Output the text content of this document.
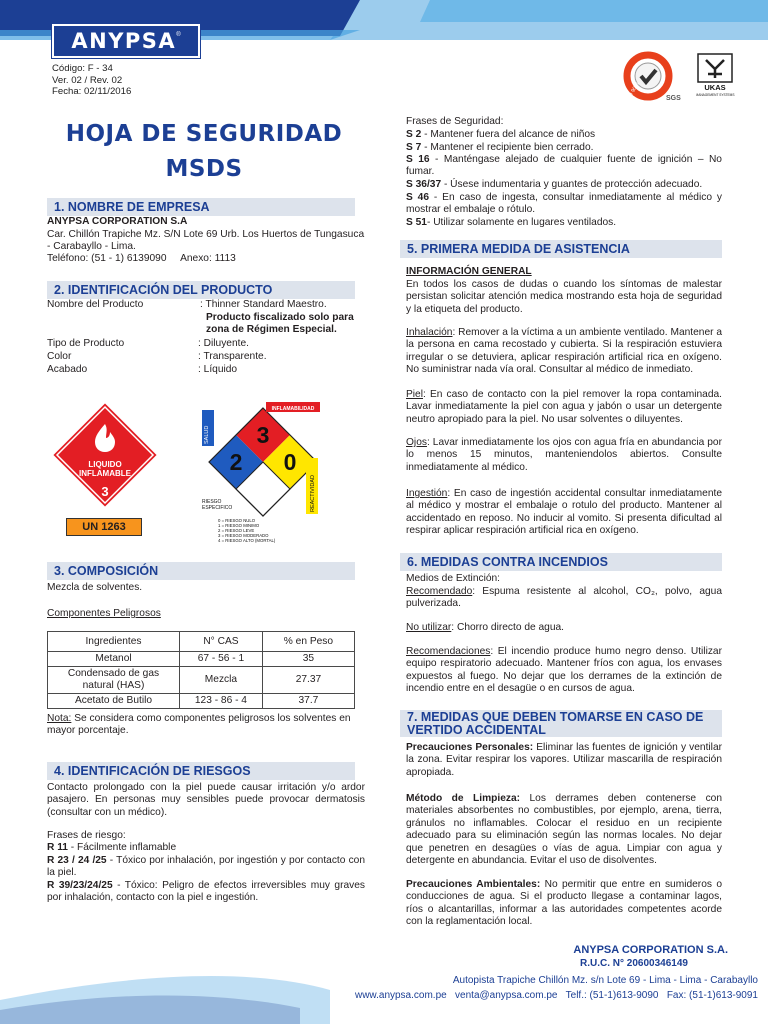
ANYPSA®
Código: F - 34
Ver. 02 / Rev. 02
Fecha: 02/11/2016
SGS
ISO 9001	UKAS
MANAGEMENT SYSTEMS
HOJA DE SEGURIDAD
MSDS
1. NOMBRE DE EMPRESA
ANYPSA CORPORATION S.A
Car. Chillón Trapiche Mz. S/N Lote 69 Urb. Los Huertos de Tungasuca
- Carabayllo - Lima.
Teléfono: (51 - 1) 6139090     Anexo: 1113
2. IDENTIFICACIÓN DEL PRODUCTO
Nombre del Producto	: Thinner Standard Maestro.
Producto fiscalizado solo para
zona de Régimen Especial.
Tipo de Producto	: Diluyente.
Color	: Transparente.
Acabado	: Líquido
LIQUIDO
INFLAMABLE
3
UN 1263
3
2 0
SALUD
INFLAMABILIDAD
REACTIVIDAD
RIESGO
ESPECIFICO
0 = RIESGO NULO
1 = RIESGO MINIMO
2 = RIESGO LEVE
3 = RIESGO MODERADO
4 = RIESGO ALTO (MORTAL)
3. COMPOSICIÓN
Mezcla de solventes.
Componentes Peligrosos
Ingredientes	N° CAS	% en Peso
Metanol	67 - 56 - 1	35
Condensado de gas natural (HAS)	Mezcla	27.37
Acetato de Butilo	123 - 86 - 4	37.7
Nota: Se considera como componentes peligrosos los solventes en mayor porcentaje.
4. IDENTIFICACIÓN DE RIESGOS
Contacto prolongado con la piel puede causar irritación y/o ardor pasajero. En personas muy sensibles puede provocar dermatosis (consultar con un médico).
Frases de riesgo:
R 11 - Fácilmente inflamable
R 23 / 24 /25 - Tóxico por inhalación, por ingestión y por contacto con la piel.
R 39/23/24/25 - Tóxico: Peligro de efectos irreversibles muy graves por inhalación, contacto con la piel e ingestión.
Frases de Seguridad:
S 2 - Mantener fuera del alcance de niños
S 7 - Mantener el recipiente bien cerrado.
S 16 - Manténgase alejado de cualquier fuente de ignición – No fumar.
S 36/37 - Úsese indumentaria y guantes de protección adecuado.
S 46 - En caso de ingesta, consultar inmediatamente al médico y mostrar el embalaje o rótulo.
S 51- Utilizar solamente en lugares ventilados.
5. PRIMERA MEDIDA DE ASISTENCIA
INFORMACIÓN GENERAL
En todos los casos de dudas o cuando los síntomas de malestar persistan solicitar atención medica mostrando esta hoja de seguridad y la etiqueta del producto.
Inhalación: Remover a la víctima a un ambiente ventilado. Mantener a la persona en cama recostado y cubierta. Si la respiración estuviera irregular o se detuviera, aplicar respiración artificial rica en oxígeno. No suministrar nada vía oral. Consultar al médico de inmediato.
Piel: En caso de contacto con la piel remover la ropa contaminada. Lavar inmediatamente la piel con agua y jabón o usar un detergente neutro apropiado para la piel. No usar solventes o diluyentes.
Ojos: Lavar inmediatamente los ojos con agua fría en abundancia por lo menos 15 minutos, manteniendolos abiertos. Consulte inmediatamente al médico.
Ingestión: En caso de ingestión accidental consultar inmediatamente al médico y mostrar el embalaje o rotulo del producto. Mantener al accidentado en reposo. No inducir al vomito. Si presenta dificultad al respirar aplicar respiración artificial rica en oxígeno.
6. MEDIDAS CONTRA INCENDIOS
Medios de Extinción:
Recomendado: Espuma resistente al alcohol, CO₂, polvo, agua pulverizada.
No utilizar: Chorro directo de agua.
Recomendaciones: El incendio produce humo negro denso. Utilizar equipo respiratorio adecuado. Mantener fríos con agua, los envases expuestos al fuego. No dejar que los derrames de la extinción de incendio entre en el desagüe o en cursos de agua.
7. MEDIDAS QUE DEBEN TOMARSE EN CASO DE
VERTIDO ACCIDENTAL
Precauciones Personales: Eliminar las fuentes de ignición y ventilar la zona. Evitar respirar los vapores. Utilizar mascarilla de respiración apropiada.
Método de Limpieza: Los derrames deben contenerse con materiales absorbentes no combustibles, por ejemplo, arena, tierra, gránulos no inflamables. Colocar el residuo en un recipiente adecuado para su eliminación según las normas locales. No dejar que penetren en desagües o vías de agua. Limpiar con agua y detergente en abundancia. Evitar el uso de disolventes.
Precauciones Ambientales: No permitir que entre en sumideros o conducciones de agua. Si el producto llegase a contaminar lagos, ríos o alcantarillas, informar a las autoridades competentes acorde con la reglamentación local.
ANYPSA CORPORATION S.A.
R.U.C. N° 20600346149
Autopista Trapiche Chillón Mz. s/n Lote 69 - Lima - Lima - Carabayllo
www.anypsa.com.pe venta@anypsa.com.pe Telf.: (51-1)613-9090 Fax: (51-1)613-9091
